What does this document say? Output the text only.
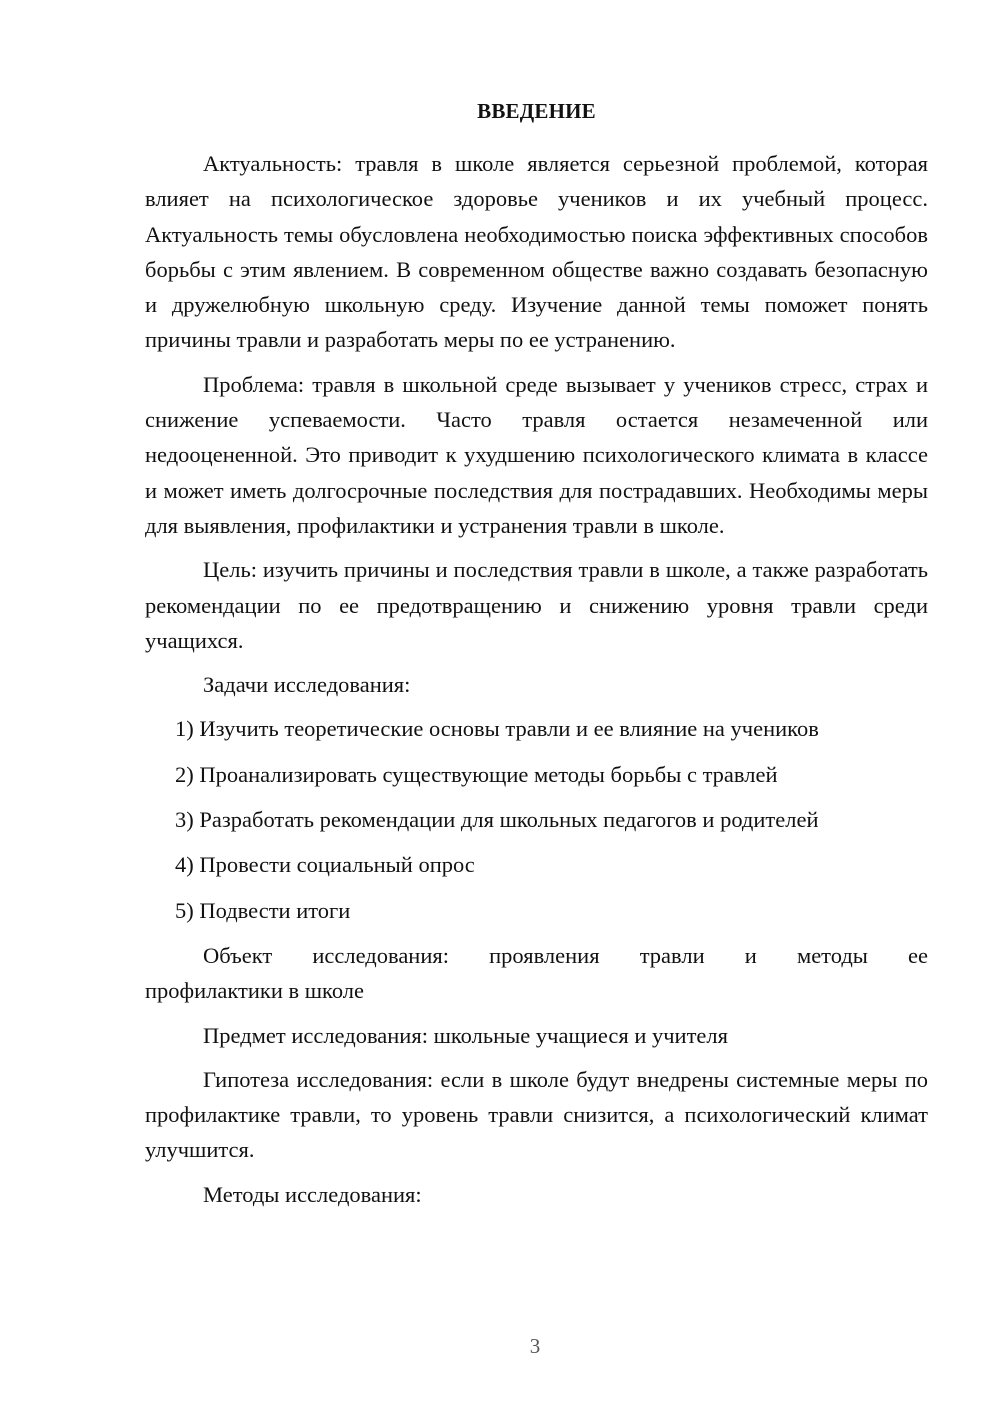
ВВЕДЕНИЕ

Актуальность: травля в школе является серьезной проблемой, которая влияет на психологическое здоровье учеников и их учебный процесс. Актуальность темы обусловлена необходимостью поиска эффективных способов борьбы с этим явлением. В современном обществе важно создавать безопасную и дружелюбную школьную среду. Изучение данной темы поможет понять причины травли и разработать меры по ее устранению.

Проблема: травля в школьной среде вызывает у учеников стресс, страх и снижение успеваемости. Часто травля остается незамеченной или недооцененной. Это приводит к ухудшению психологического климата в классе и может иметь долгосрочные последствия для пострадавших. Необходимы меры для выявления, профилактики и устранения травли в школе.

Цель: изучить причины и последствия травли в школе, а также разработать рекомендации по ее предотвращению и снижению уровня травли среди учащихся.

Задачи исследования:

1) Изучить теоретические основы травли и ее влияние на учеников
2) Проанализировать существующие методы борьбы с травлей
3) Разработать рекомендации для школьных педагогов и родителей
4) Провести социальный опрос
5) Подвести итоги
Объект исследования: проявления травли и методы ее
профилактики в школе

Предмет исследования: школьные учащиеся и учителя

Гипотеза исследования: если в школе будут внедрены системные меры по профилактике травли, то уровень травли снизится, а психологический климат улучшится.

Методы исследования:

3
